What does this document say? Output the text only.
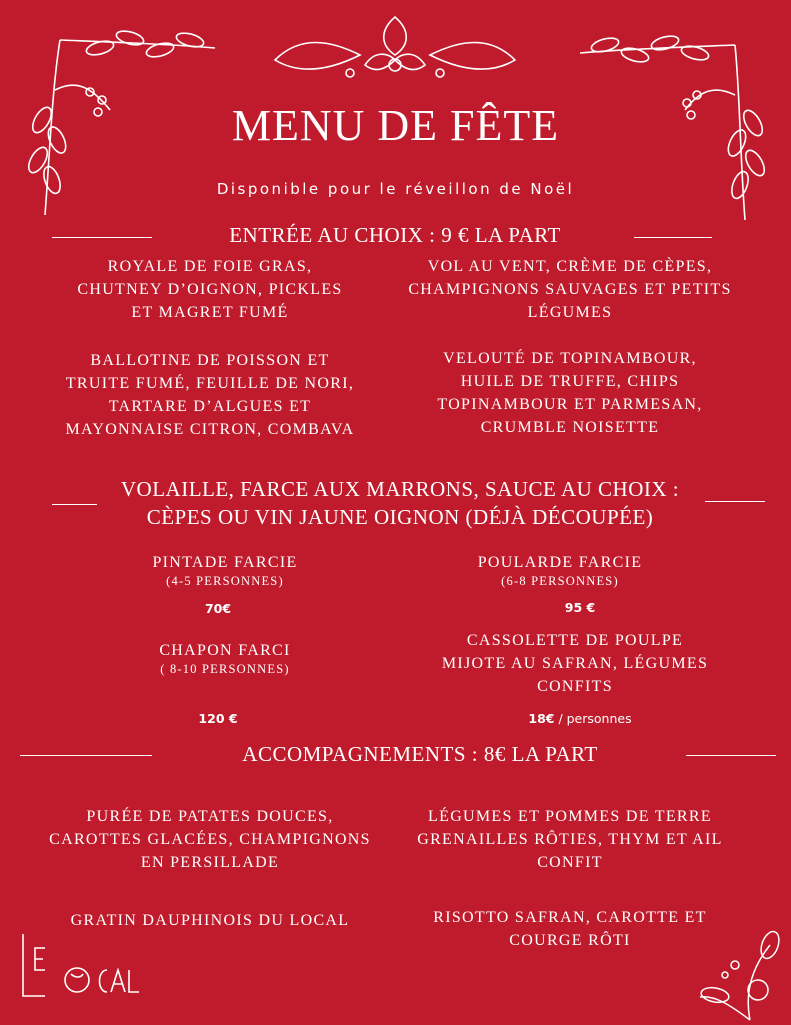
MENU DE FÊTE
Disponible pour le réveillon de Noël
ENTRÉE AU CHOIX : 9 € LA PART
ROYALE DE FOIE GRAS,
CHUTNEY D’OIGNON, PICKLES
ET MAGRET FUMÉ
VOL AU VENT, CRÈME DE CÈPES,
CHAMPIGNONS SAUVAGES ET PETITS
LÉGUMES
BALLOTINE DE POISSON ET
TRUITE FUMÉ, FEUILLE DE NORI,
TARTARE D’ALGUES ET
MAYONNAISE CITRON, COMBAVA
VELOUTÉ DE TOPINAMBOUR,
HUILE DE TRUFFE, CHIPS
TOPINAMBOUR ET PARMESAN,
CRUMBLE NOISETTE
VOLAILLE, FARCE AUX MARRONS, SAUCE AU CHOIX :
CÈPES OU VIN JAUNE OIGNON (DÉJÀ DÉCOUPÉE)
PINTADE FARCIE
(4-5 PERSONNES)
70€
POULARDE FARCIE
(6-8 PERSONNES)
95 €
CHAPON FARCI
( 8-10 PERSONNES)
120 €
CASSOLETTE DE POULPE
MIJOTE AU SAFRAN, LÉGUMES
CONFITS
18€ / personnes
ACCOMPAGNEMENTS : 8€ LA PART
PURÉE DE PATATES DOUCES,
CAROTTES GLACÉES, CHAMPIGNONS
EN PERSILLADE
LÉGUMES ET POMMES DE TERRE
GRENAILLES RÔTIES, THYM ET AIL
CONFIT
GRATIN DAUPHINOIS DU LOCAL	RISOTTO SAFRAN, CAROTTE ET
COURGE RÔTI
